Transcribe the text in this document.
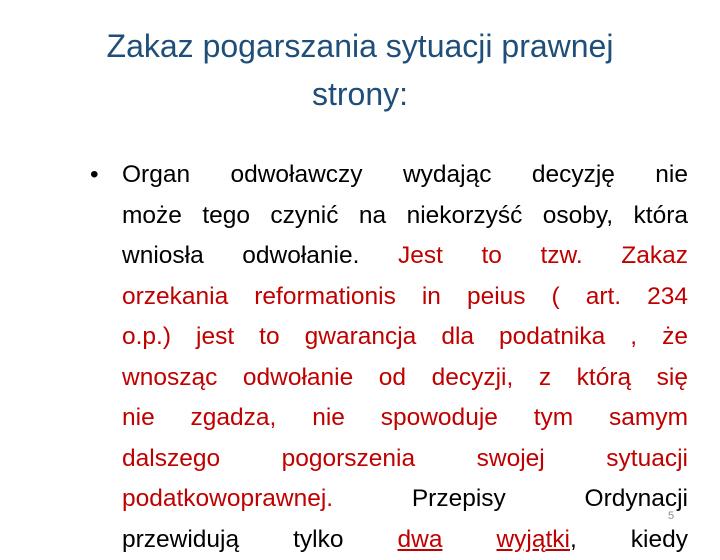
Zakaz pogarszania sytuacji prawnej
strony:
• Organ odwoławczy wydając decyzję nie
może tego czynić na niekorzyść osoby, która
wniosła odwołanie. Jest to tzw. Zakaz
orzekania reformationis in peius ( art. 234
o.p.) jest to gwarancja dla podatnika , że
wnosząc odwołanie od decyzji, z którą się
nie zgadza, nie spowoduje tym samym
dalszego pogorszenia swojej sytuacji
podatkowoprawnej.	Przepisy Ordynacji
przewidują tylko dwa wyjątki, kiedy
5
